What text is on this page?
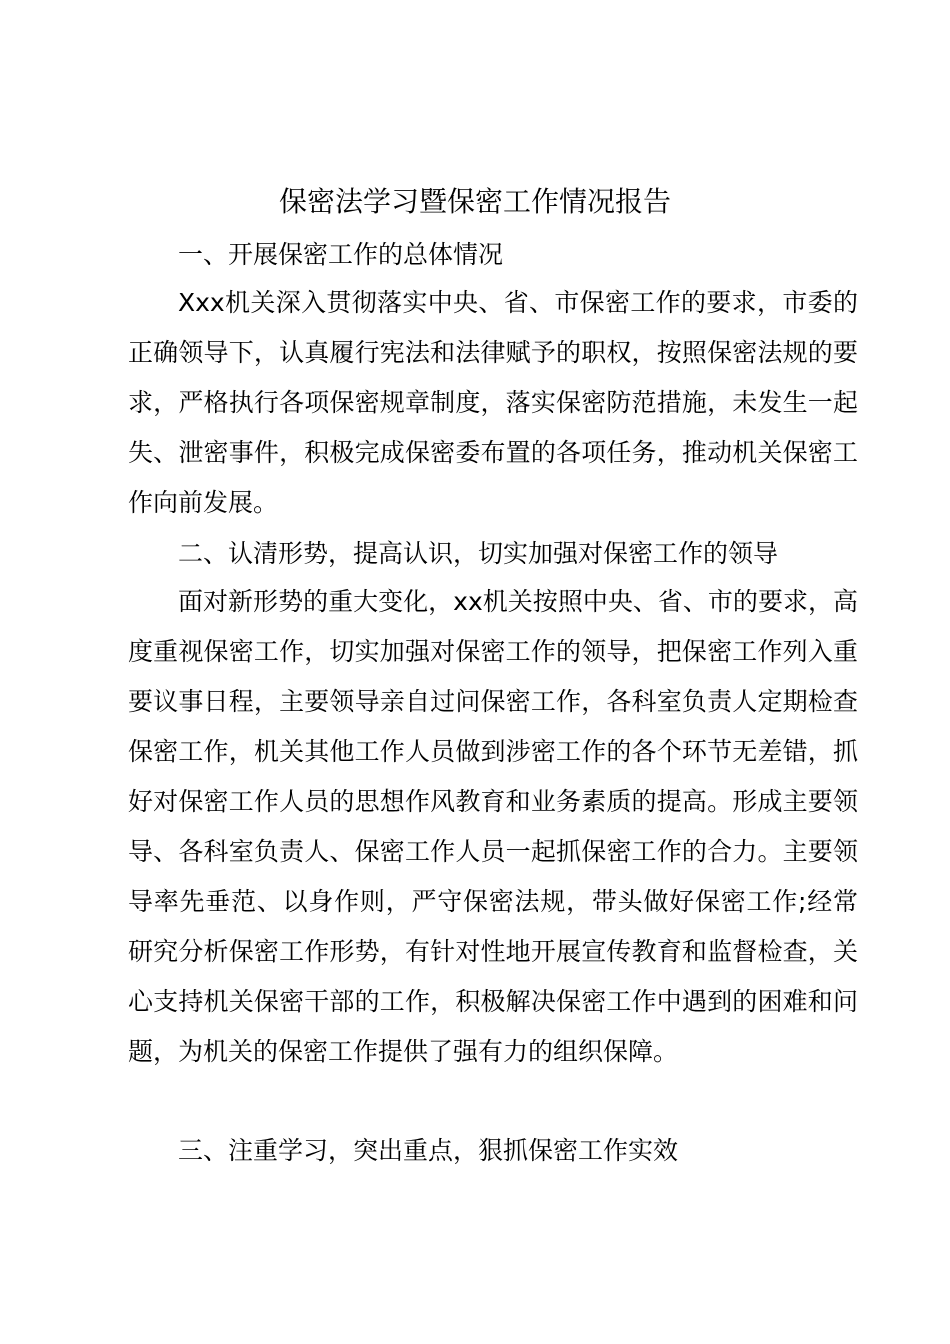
保密法学习暨保密工作情况报告
一、开展保密工作的总体情况
Xxx机关深入贯彻落实中央、省、市保密工作的要求，市委的正确领导下，认真履行宪法和法律赋予的职权，按照保密法规的要求，严格执行各项保密规章制度，落实保密防范措施，未发生一起失、泄密事件，积极完成保密委布置的各项任务，推动机关保密工作向前发展。
二、认清形势，提高认识，切实加强对保密工作的领导
面对新形势的重大变化，xx机关按照中央、省、市的要求，高度重视保密工作，切实加强对保密工作的领导，把保密工作列入重要议事日程，主要领导亲自过问保密工作，各科室负责人定期检查保密工作，机关其他工作人员做到涉密工作的各个环节无差错，抓好对保密工作人员的思想作风教育和业务素质的提高。形成主要领导、各科室负责人、保密工作人员一起抓保密工作的合力。主要领导率先垂范、以身作则，严守保密法规，带头做好保密工作;经常研究分析保密工作形势，有针对性地开展宣传教育和监督检查，关心支持机关保密干部的工作，积极解决保密工作中遇到的困难和问题，为机关的保密工作提供了强有力的组织保障。
三、注重学习，突出重点，狠抓保密工作实效
